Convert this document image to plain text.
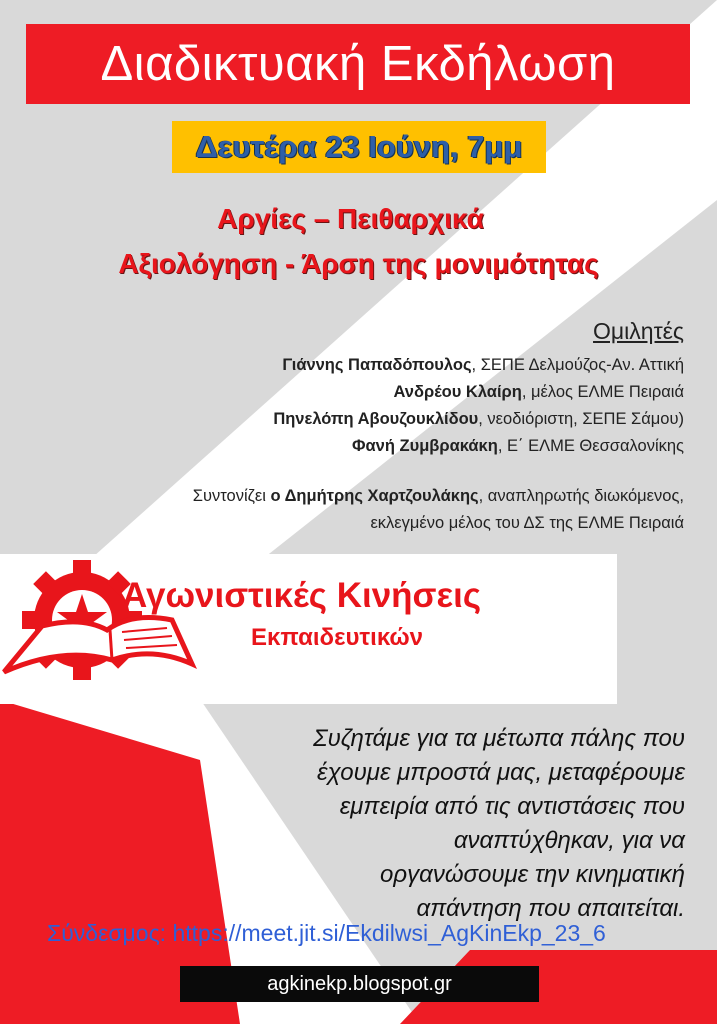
Διαδικτυακή Εκδήλωση
Δευτέρα 23 Ιούνη, 7μμ
Αργίες – Πειθαρχικά
Αξιολόγηση - Άρση της μονιμότητας
Ομιλητές
Γιάννης Παπαδόπουλος, ΣΕΠΕ Δελμούζος-Αν. Αττική
Ανδρέου Κλαίρη, μέλος ΕΛΜΕ Πειραιά
Πηνελόπη Αβουζουκλίδου, νεοδιόριστη, ΣΕΠΕ Σάμου)
Φανή Ζυμβρακάκη, Ε΄ ΕΛΜΕ Θεσσαλονίκης
Συντονίζει ο Δημήτρης Χαρτζουλάκης, αναπληρωτής διωκόμενος,
εκλεγμένο μέλος του ΔΣ της ΕΛΜΕ Πειραιά
Αγωνιστικές Κινήσεις
Εκπαιδευτικών
Συζητάμε για τα μέτωπα πάλης που
έχουμε μπροστά μας, μεταφέρουμε
εμπειρία από τις αντιστάσεις που
αναπτύχθηκαν, για να
οργανώσουμε την κινηματική
απάντηση που απαιτείται.
Σύνδεσμος: https://meet.jit.si/Ekdilwsi_AgKinEkp_23_6
agkinekp.blogspot.gr
